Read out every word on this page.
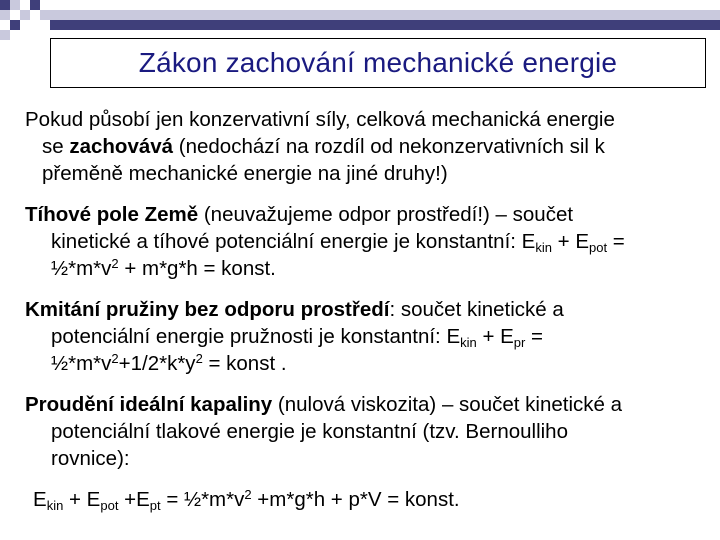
Zákon zachování mechanické energie

Pokud působí jen konzervativní síly, celková mechanická energie
se zachovává (nedochází na rozdíl od nekonzervativních sil k
přeměně mechanické energie na jiné druhy!)

Tíhové pole Země (neuvažujeme odpor prostředí!) – součet
kinetické a tíhové potenciální energie je konstantní: $E_{kin} + E_{pot}$ =
$\frac{1}{2}*m*v^2 + m*g*h$ = konst.

Kmitání pružiny bez odporu prostředí: součet kinetické a
potenciální energie pružnosti je konstantní: $E_{kin} + E_{pr}$ =
$\frac{1}{2}*m*v^2+1/2*k*y^2$ = konst .

Proudění ideální kapaliny (nulová viskozita) – součet kinetické a
potenciální tlakové energie je konstantní (tzv. Bernoulliho
rovnice):

$E_{kin} + E_{pot} +E_{pt}$ = $\frac{1}{2}*m*v^2 +m*g*h + p*V$ = konst.
